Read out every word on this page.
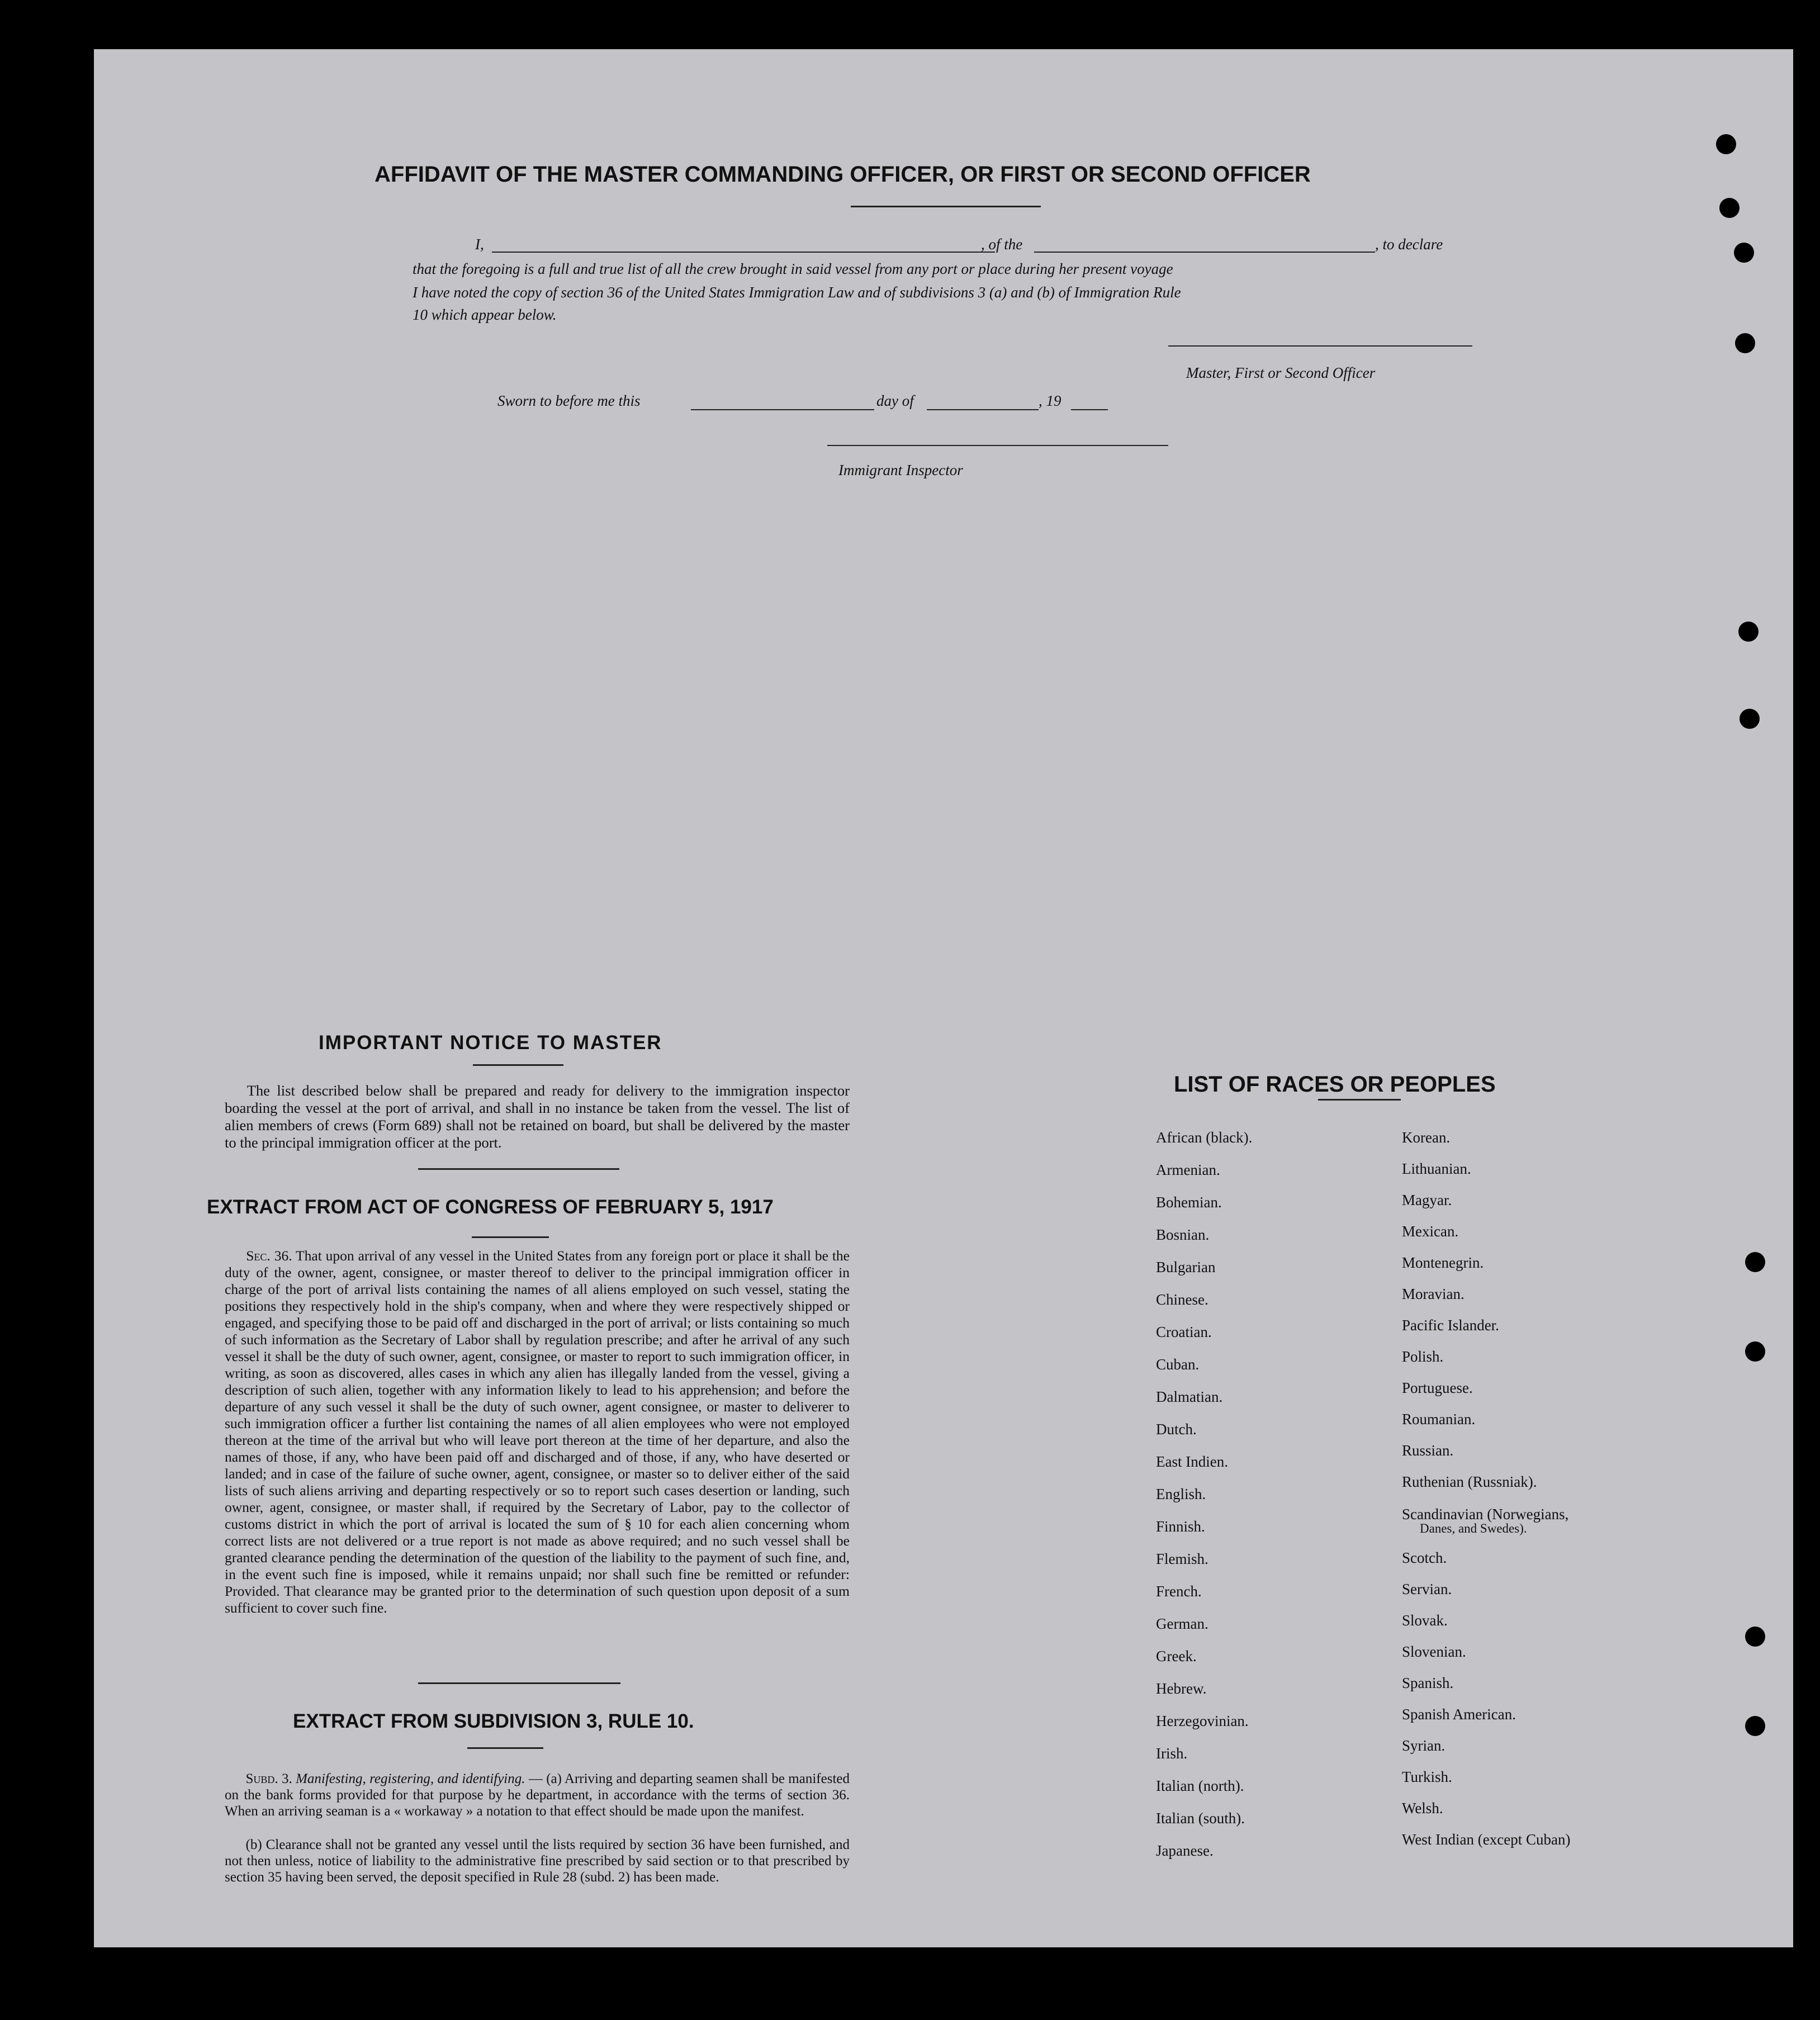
AFFIDAVIT OF THE MASTER COMMANDING OFFICER, OR FIRST OR SECOND OFFICER
I,	, of the	, to declare
that the foregoing is a full and true list of all the crew brought in said vessel from any port or place during her present voyage
I have noted the copy of section 36 of the United States Immigration Law and of subdivisions 3 (a) and (b) of Immigration Rule
10 which appear below.
Master, First or Second Officer
Sworn to before me this	day of	, 19
Immigrant Inspector
IMPORTANT NOTICE TO MASTER
The list described below shall be prepared and ready for delivery to the immigration inspector boarding the vessel at the port of arrival, and shall in no instance be taken from the vessel. The list of alien members of crews (Form 689) shall not be retained on board, but shall be delivered by the master to the principal immigration officer at the port.
EXTRACT FROM ACT OF CONGRESS OF FEBRUARY 5, 1917
Sec. 36. That upon arrival of any vessel in the United States from any foreign port or place it shall be the duty of the owner, agent, consignee, or master thereof to deliver to the principal immigration officer in charge of the port of arrival lists containing the names of all aliens employed on such vessel, stating the positions they respectively hold in the ship's company, when and where they were respectively shipped or engaged, and specifying those to be paid off and discharged in the port of arrival; or lists containing so much of such information as the Secretary of Labor shall by regulation prescribe; and after he arrival of any such vessel it shall be the duty of such owner, agent, consignee, or master to report to such immigration officer, in writing, as soon as discovered, alles cases in which any alien has illegally landed from the vessel, giving a description of such alien, together with any information likely to lead to his apprehension; and before the departure of any such vessel it shall be the duty of such owner, agent consignee, or master to deliverer to such immigration officer a further list containing the names of all alien employees who were not employed thereon at the time of the arrival but who will leave port thereon at the time of her departure, and also the names of those, if any, who have been paid off and discharged and of those, if any, who have deserted or landed; and in case of the failure of suche owner, agent, consignee, or master so to deliver either of the said lists of such aliens arriving and departing respectively or so to report such cases desertion or landing, such owner, agent, consignee, or master shall, if required by the Secretary of Labor, pay to the collector of customs district in which the port of arrival is located the sum of § 10 for each alien concerning whom correct lists are not delivered or a true report is not made as above required; and no such vessel shall be granted clearance pending the determination of the question of the liability to the payment of such fine, and, in the event such fine is imposed, while it remains unpaid; nor shall such fine be remitted or refunder: Provided. That clearance may be granted prior to the determination of such question upon deposit of a sum sufficient to cover such fine.
EXTRACT FROM SUBDIVISION 3, RULE 10.
Subd. 3. Manifesting, registering, and identifying. — (a) Arriving and departing seamen shall be manifested on the bank forms provided for that purpose by he department, in accordance with the terms of section 36. When an arriving seaman is a « workaway » a notation to that effect should be made upon the manifest.
(b) Clearance shall not be granted any vessel until the lists required by section 36 have been furnished, and not then unless, notice of liability to the administrative fine prescribed by said section or to that prescribed by section 35 having been served, the deposit specified in Rule 28 (subd. 2) has been made.
LIST OF RACES OR PEOPLES
African (black).
Armenian.
Bohemian.
Bosnian.
Bulgarian
Chinese.
Croatian.
Cuban.
Dalmatian.
Dutch.
East Indien.
English.
Finnish.
Flemish.
French.
German.
Greek.
Hebrew.
Herzegovinian.
Irish.
Italian (north).
Italian (south).
Japanese.
Korean.
Lithuanian.
Magyar.
Mexican.
Montenegrin.
Moravian.
Pacific Islander.
Polish.
Portuguese.
Roumanian.
Russian.
Ruthenian (Russniak).
Scandinavian (Norwegians,
Danes, and Swedes).
Scotch.
Servian.
Slovak.
Slovenian.
Spanish.
Spanish American.
Syrian.
Turkish.
Welsh.
West Indian (except Cuban)
